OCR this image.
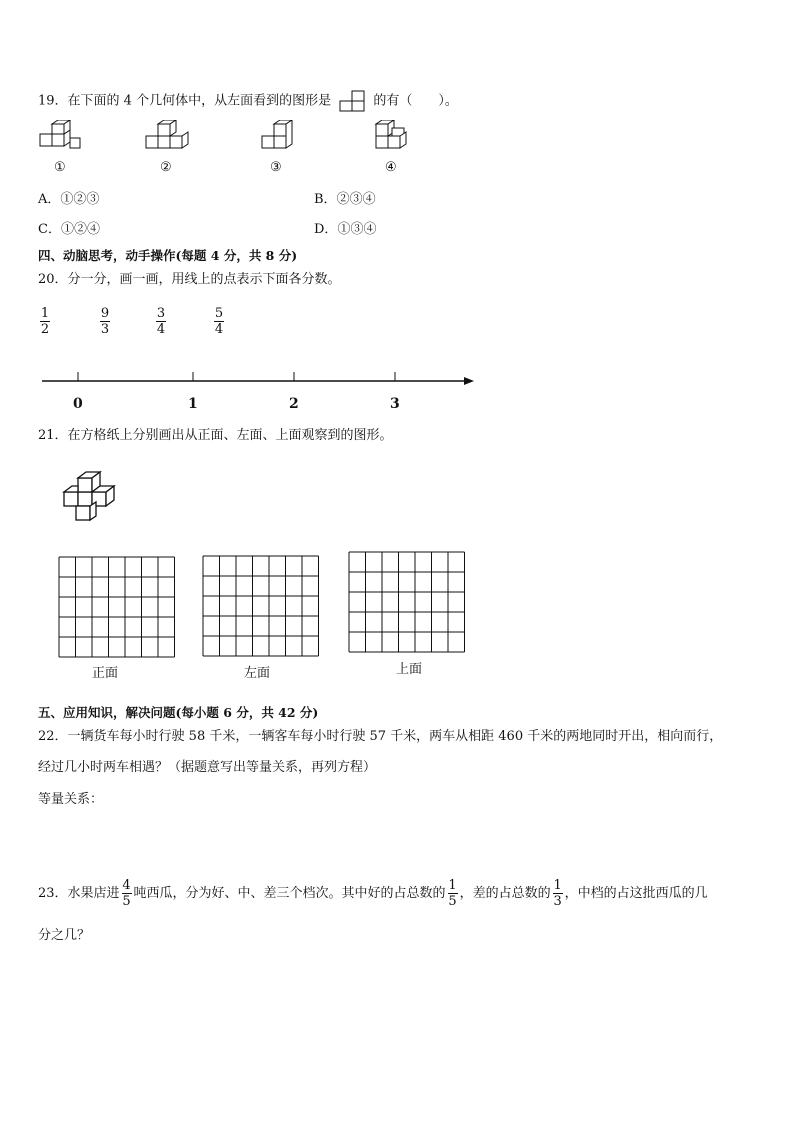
19．在下面的 4 个几何体中，从左面看到的图形是	的有（　　）。
①	②	③	④
A．①②③	B．②③④
C．①②④	D．①③④
四、动脑思考，动手操作(每题 4 分，共 8 分)
20．分一分，画一画，用线上的点表示下面各分数。
$\frac{1}{2}$	$\frac{9}{3}$	$\frac{3}{4}$	$\frac{5}{4}$
0	1	2	3
21．在方格纸上分别画出从正面、左面、上面观察到的图形。
正面	左面	上面
五、应用知识，解决问题(每小题 6 分，共 42 分)
22．一辆货车每小时行驶 58 千米，一辆客车每小时行驶 57 千米，两车从相距 460 千米的两地同时开出，相向而行，
经过几小时两车相遇？（据题意写出等量关系，再列方程）
等量关系：
23．水果店进 $\frac{4}{5}$ 吨西瓜，分为好、中、差三个档次。其中好的占总数的 $\frac{1}{5}$ ，差的占总数的 $\frac{1}{3}$ ，中档的占这批西瓜的几
分之几？
